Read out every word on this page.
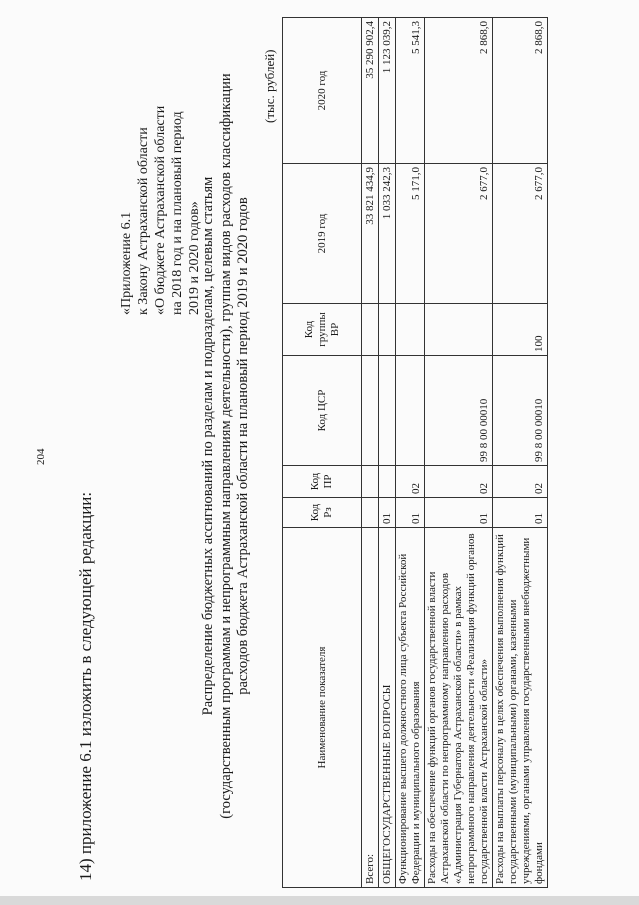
204
14) приложение 6.1 изложить в следующей редакции:
«Приложение 6.1 к Закону Астраханской области «О бюджете Астраханской области на 2018 год и на плановый период 2019 и 2020 годов»
Распределение бюджетных ассигнований по разделам и подразделам, целевым статьям (государственным программам и непрограммным направлениям деятельности), группам видов расходов классификации расходов бюджета Астраханской области на плановый период 2019 и 2020 годов
(тыс. рублей)
Наименование показателя	Код Рз	Код ПР	Код ЦСР	Код группы ВР	2019 год	2020 год
Всего:					33 821 434,9	35 290 902,4
ОБЩЕГОСУДАРСТВЕННЫЕ ВОПРОСЫ	01				1 033 242,3	1 123 039,2
Функционирование высшего должностного лица субъекта Российской Федерации и муниципального образования	01	02			5 171,0	5 541,3
Расходы на обеспечение функций органов государственной власти Астраханской области по непрограммному направлению расходов «Администрация Губернатора Астраханской области» в рамках непрограммного направления деятельности «Реализация функций органов государственной власти Астраханской области»	01	02	99 8 00 00010		2 677,0	2 868,0
Расходы на выплаты персоналу в целях обеспечения выполнения функций государственными (муниципальными) органами, казенными учреждениями, органами управления государственными внебюджетными фондами	01	02	99 8 00 00010	100	2 677,0	2 868,0
